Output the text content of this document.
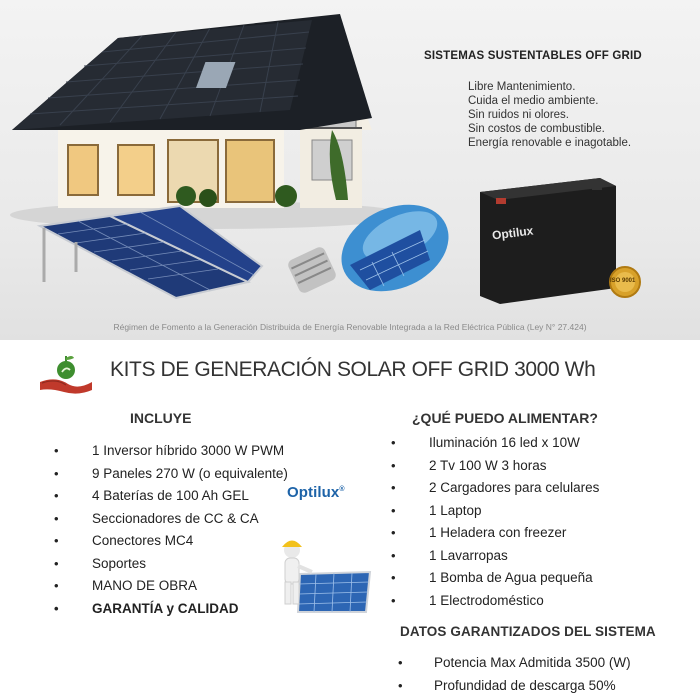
SISTEMAS SUSTENTABLES OFF GRID
Libre Mantenimiento.
Cuida el medio ambiente.
Sin ruidos ni olores.
Sin costos de combustible.
Energía renovable e inagotable.
Optilux
ISO 9001
Régimen de Fomento a la Generación Distribuida de Energía Renovable Integrada a la Red Eléctrica Pública (Ley N° 27.424)
KITS DE GENERACIÓN SOLAR OFF GRID 3000 Wh
INCLUYE
• 1 Inversor híbrido 3000 W PWM
• 9 Paneles 270 W (o equivalente)
• 4 Baterías de 100 Ah GEL
• Seccionadores de CC & CA
• Conectores MC4
• Soportes
• MANO DE OBRA
• GARANTÍA y CALIDAD
Optilux®
¿QUÉ PUEDO ALIMENTAR?
• Iluminación 16 led x 10W
• 2 Tv 100 W 3 horas
• 2 Cargadores para celulares
• 1 Laptop
• 1 Heladera con freezer
• 1 Lavarropas
• 1 Bomba de Agua pequeña
• 1 Electrodoméstico
DATOS GARANTIZADOS DEL SISTEMA
• Potencia Max Admitida 3500 (W)
• Profundidad de descarga 50%
